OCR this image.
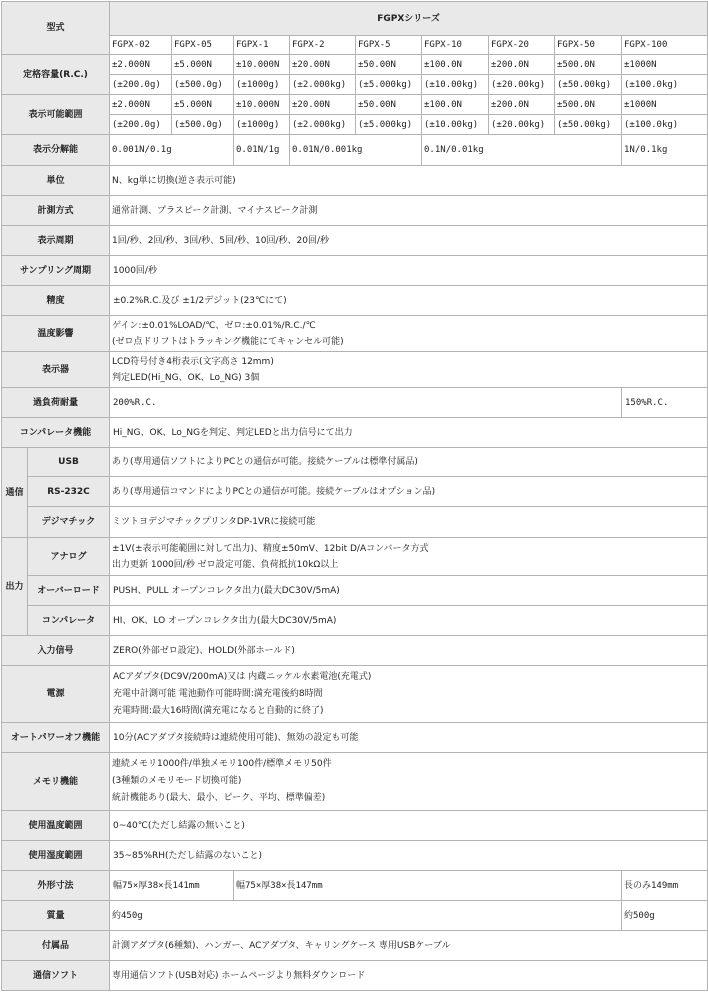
型式		FGPXシリーズ								
		FGPX-02	FGPX-05	FGPX-1	FGPX-2	FGPX-5	FGPX-10	FGPX-20	FGPX-50	FGPX-100
定格容量(R.C.)		±2.000N	±5.000N	±10.000N	±20.00N	±50.00N	±100.0N	±200.0N	±500.0N	±1000N
		(±200.0g)	(±500.0g)	(±1000g)	(±2.000kg)	(±5.000kg)	(±10.00kg)	(±20.00kg)	(±50.00kg)	(±100.0kg)
表示可能範囲		±2.000N	±5.000N	±10.000N	±20.00N	±50.00N	±100.0N	±200.0N	±500.0N	±1000N
		(±200.0g)	(±500.0g)	(±1000g)	(±2.000kg)	(±5.000kg)	(±10.00kg)	(±20.00kg)	(±50.00kg)	(±100.0kg)
表示分解能		0.001N/0.1g		0.01N/1g	0.01N/0.001kg		0.1N/0.01kg			1N/0.1kg
単位		N、kg単に切換(逆さ表示可能)								
計測方式		通常計測、プラスピーク計測、マイナスピーク計測								
表示周期		1回/秒、2回/秒、3回/秒、5回/秒、10回/秒、20回/秒								
サンプリング周期		1000回/秒								
精度		±0.2%R.C.及び ±1/2デジット(23℃にて)								
温度影響		ゲイン:±0.01%LOAD/℃、ゼロ:±0.01%/R.C./℃
(ゼロ点ドリフトはトラッキング機能にてキャンセル可能)								

表示器		LCD符号付き4桁表示(文字高さ 12mm)
判定LED(Hi_NG、OK、Lo_NG) 3個								

過負荷耐量		200%R.C.								150%R.C.
コンパレータ機能		Hi_NG、OK、Lo_NGを判定、判定LEDと出力信号にて出力								
通信	USB	あり(専用通信ソフトによりPCとの通信が可能。接続ケーブルは標準付属品)								
	RS-232C	あり(専用通信コマンドによりPCとの通信が可能。接続ケーブルはオプション品)								
	デジマチック	ミツトヨデジマチックプリンタDP-1VRに接続可能								
出力	アナログ	±1V(±表示可能範囲に対して出力)、精度±50mV、12bit D/Aコンバータ方式
出力更新 1000回/秒 ゼロ設定可能、負荷抵抗10kΩ以上								

	オーバーロード	PUSH、PULL オープンコレクタ出力(最大DC30V/5mA)								
	コンパレータ	HI、OK、LO オープンコレクタ出力(最大DC30V/5mA)								
入力信号		ZERO(外部ゼロ設定)、HOLD(外部ホールド)								
電源		ACアダプタ(DC9V/200mA)又は 内蔵ニッケル水素電池(充電式)
充電中計測可能 電池動作可能時間:満充電後約8時間
充電時間:最大16時間(満充電になると自動的に終了)								

オートパワーオフ機能		10分(ACアダプタ接続時は連続使用可能)、無効の設定も可能								
メモリ機能		連続メモリ1000件/単独メモリ100件/標準メモリ50件
(3種類のメモリモード切換可能)
統計機能あり(最大、最小、ピーク、平均、標準偏差)								

使用温度範囲		0~40℃(ただし結露の無いこと)								
使用湿度範囲		35~85%RH(ただし結露のないこと)								
外形寸法		幅75×厚38×長141mm		幅75×厚38×長147mm						長のみ149mm
質量		約450g								約500g
付属品		計測アダプタ(6種類)、ハンガー、ACアダプタ、キャリングケース 専用USBケーブル								
通信ソフト		専用通信ソフト(USB対応) ホームページより無料ダウンロード								
